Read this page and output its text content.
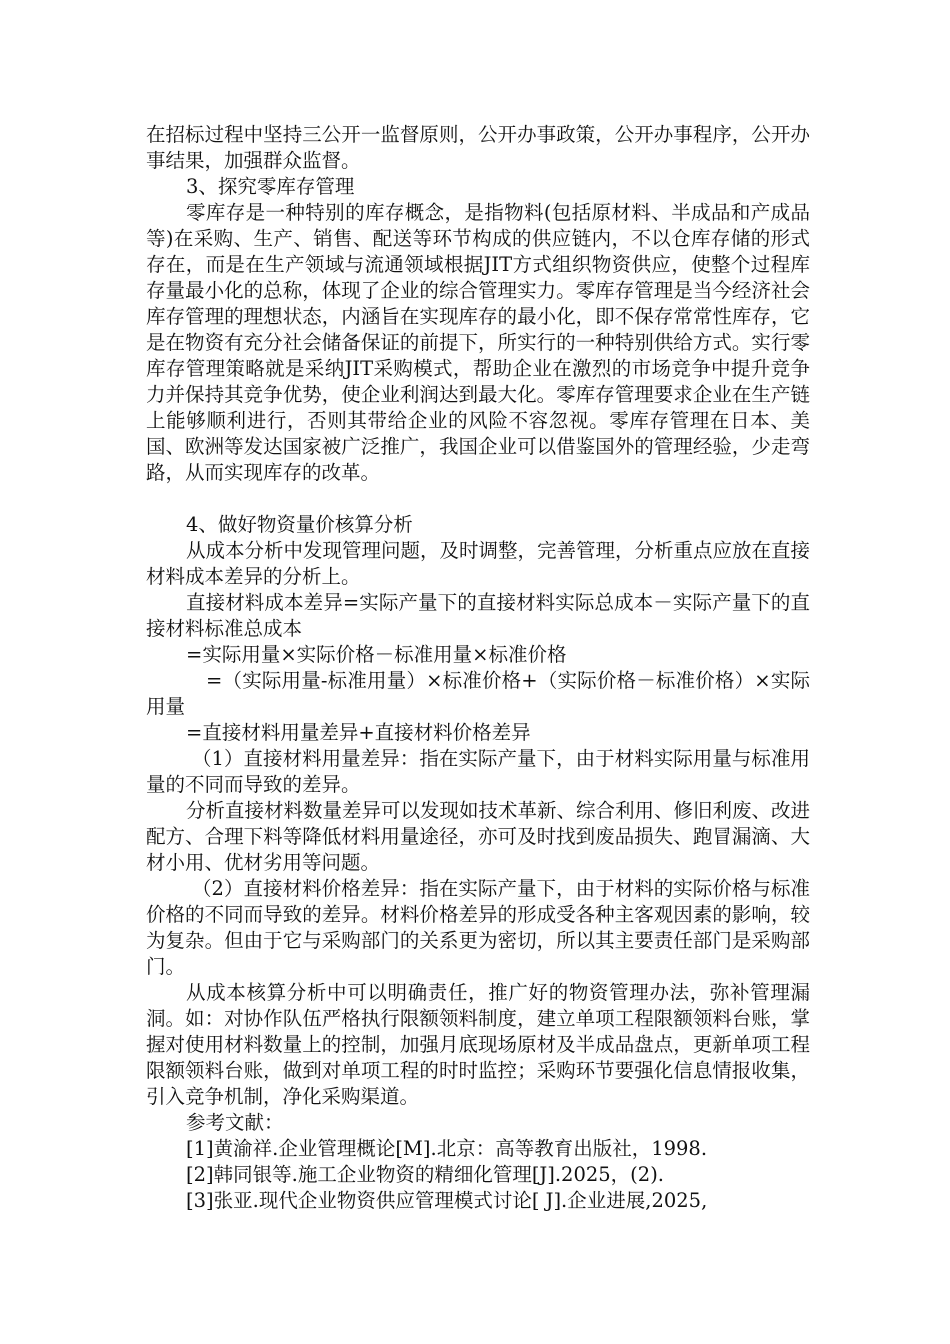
在招标过程中坚持三公开一监督原则，公开办事政策，公开办事程序，公开办事结果，加强群众监督。

3、探究零库存管理

零库存是一种特别的库存概念，是指物料(包括原材料、半成品和产成品等)在采购、生产、销售、配送等环节构成的供应链内，不以仓库存储的形式存在，而是在生产领域与流通领域根据JIT方式组织物资供应，使整个过程库存量最小化的总称，体现了企业的综合管理实力。零库存管理是当今经济社会库存管理的理想状态，内涵旨在实现库存的最小化，即不保存常常性库存，它是在物资有充分社会储备保证的前提下，所实行的一种特别供给方式。实行零库存管理策略就是采纳JIT采购模式，帮助企业在激烈的市场竞争中提升竞争力并保持其竞争优势，使企业利润达到最大化。零库存管理要求企业在生产链上能够顺利进行，否则其带给企业的风险不容忽视。零库存管理在日本、美国、欧洲等发达国家被广泛推广，我国企业可以借鉴国外的管理经验，少走弯路，从而实现库存的改革。

4、做好物资量价核算分析

从成本分析中发现管理问题，及时调整，完善管理，分析重点应放在直接材料成本差异的分析上。

直接材料成本差异=实际产量下的直接材料实际总成本－实际产量下的直接材料标准总成本

=实际用量×实际价格－标准用量×标准价格

=（实际用量-标准用量）×标准价格+（实际价格－标准价格）×实际用量

=直接材料用量差异+直接材料价格差异

（1）直接材料用量差异：指在实际产量下，由于材料实际用量与标准用量的不同而导致的差异。

分析直接材料数量差异可以发现如技术革新、综合利用、修旧利废、改进配方、合理下料等降低材料用量途径，亦可及时找到废品损失、跑冒漏滴、大材小用、优材劣用等问题。

（2）直接材料价格差异：指在实际产量下，由于材料的实际价格与标准价格的不同而导致的差异。材料价格差异的形成受各种主客观因素的影响，较为复杂。但由于它与采购部门的关系更为密切，所以其主要责任部门是采购部门。

从成本核算分析中可以明确责任，推广好的物资管理办法，弥补管理漏洞。如：对协作队伍严格执行限额领料制度，建立单项工程限额领料台账，掌握对使用材料数量上的控制，加强月底现场原材及半成品盘点，更新单项工程限额领料台账，做到对单项工程的时时监控；采购环节要强化信息情报收集，引入竞争机制，净化采购渠道。

参考文献：

[1]黄渝祥.企业管理概论[M].北京：高等教育出版社，1998.

[2]韩同银等.施工企业物资的精细化管理[J].2025，(2).

[3]张亚.现代企业物资供应管理模式讨论[ J].企业进展,2025,
